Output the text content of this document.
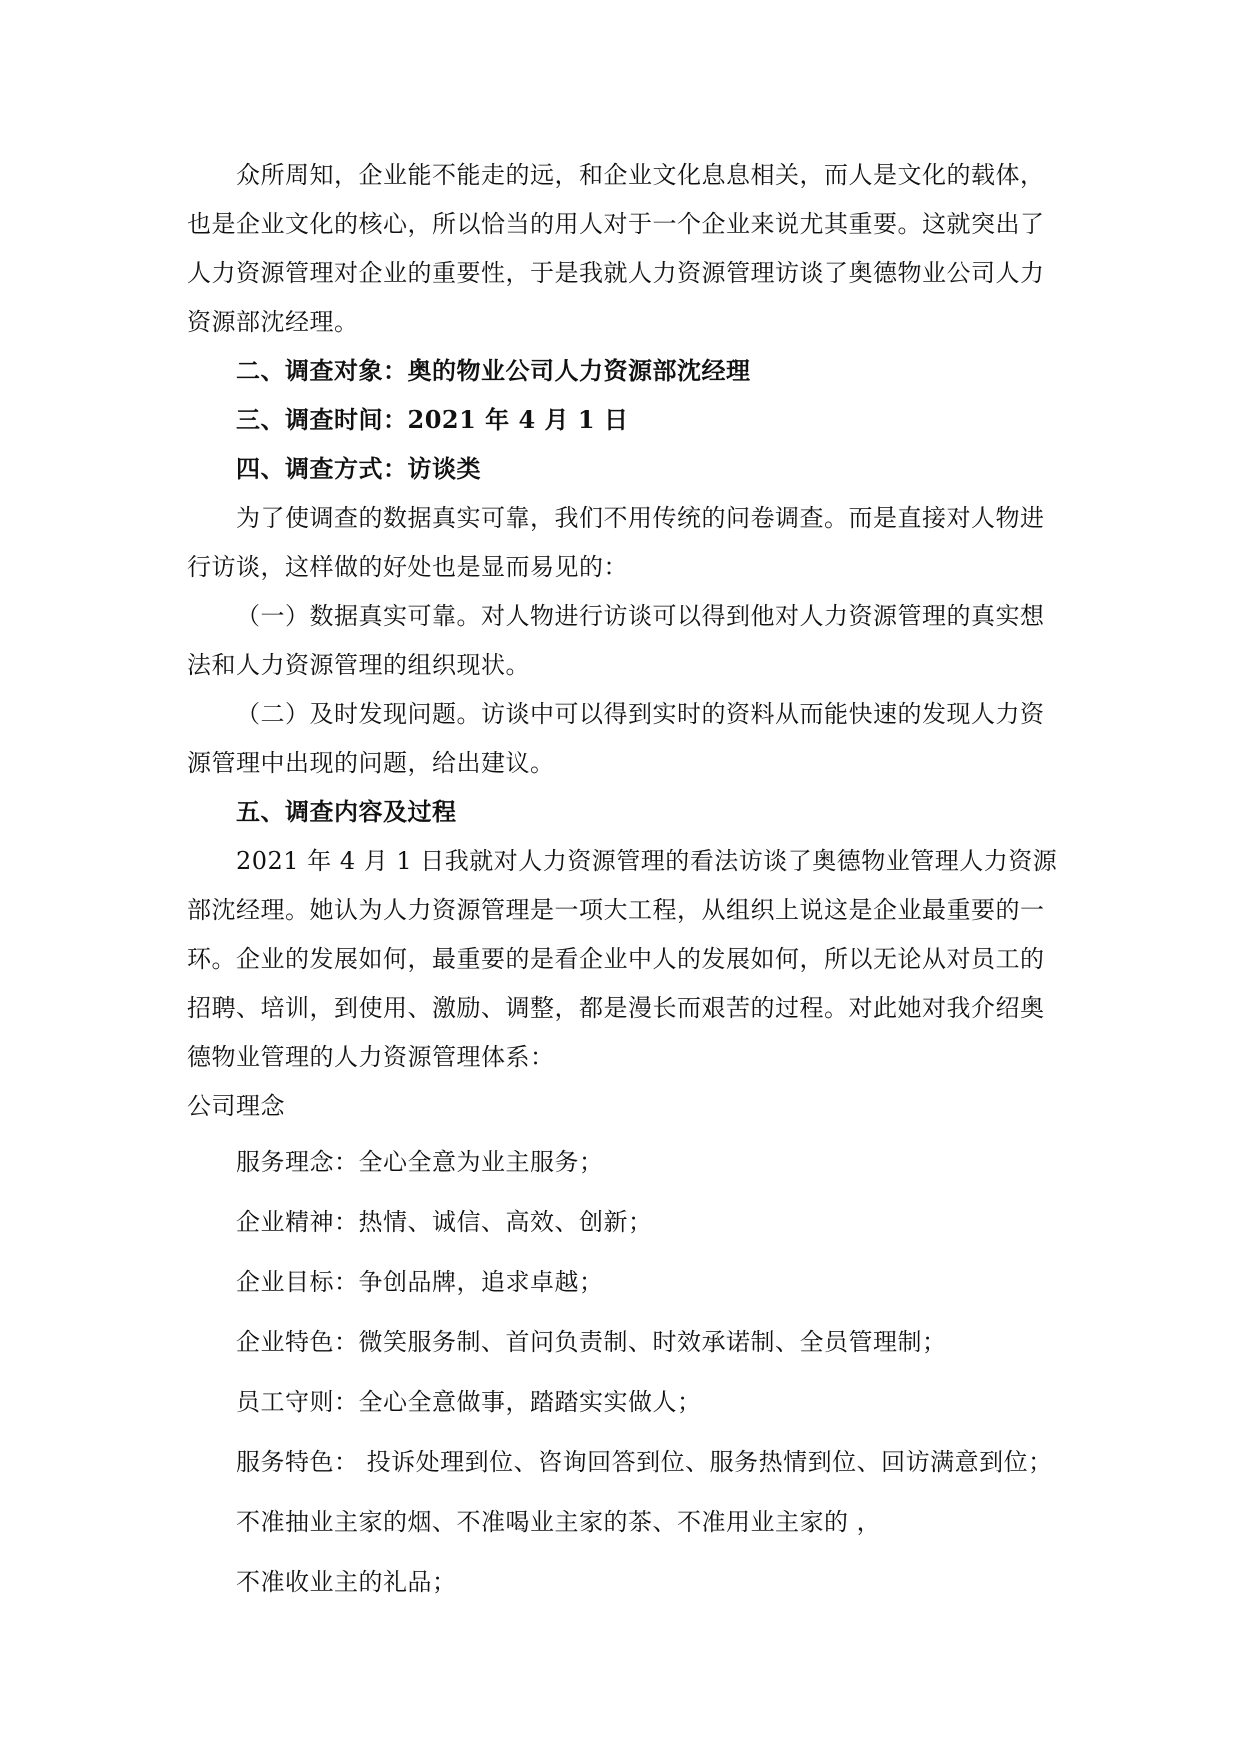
众所周知，企业能不能走的远，和企业文化息息相关，而人是文化的载体，
也是企业文化的核心，所以恰当的用人对于一个企业来说尤其重要。这就突出了
人力资源管理对企业的重要性，于是我就人力资源管理访谈了奥德物业公司人力
资源部沈经理。
二、调查对象：奥的物业公司人力资源部沈经理
三、调查时间：2021 年 4 月 1 日
四、调查方式：访谈类
为了使调查的数据真实可靠，我们不用传统的问卷调查。而是直接对人物进
行访谈，这样做的好处也是显而易见的：
（一）数据真实可靠。对人物进行访谈可以得到他对人力资源管理的真实想
法和人力资源管理的组织现状。
（二）及时发现问题。访谈中可以得到实时的资料从而能快速的发现人力资
源管理中出现的问题，给出建议。
五、调查内容及过程
2021 年 4 月 1 日我就对人力资源管理的看法访谈了奥德物业管理人力资源
部沈经理。她认为人力资源管理是一项大工程，从组织上说这是企业最重要的一
环。企业的发展如何，最重要的是看企业中人的发展如何，所以无论从对员工的
招聘、培训，到使用、激励、调整，都是漫长而艰苦的过程。对此她对我介绍奥
德物业管理的人力资源管理体系：
公司理念
服务理念：全心全意为业主服务；
企业精神：热情、诚信、高效、创新；
企业目标：争创品牌，追求卓越；
企业特色：微笑服务制、首问负责制、时效承诺制、全员管理制；
员工守则：全心全意做事，踏踏实实做人；
服务特色： 投诉处理到位、咨询回答到位、服务热情到位、回访满意到位；
不准抽业主家的烟、不准喝业主家的茶、不准用业主家的 ，
不准收业主的礼品；
